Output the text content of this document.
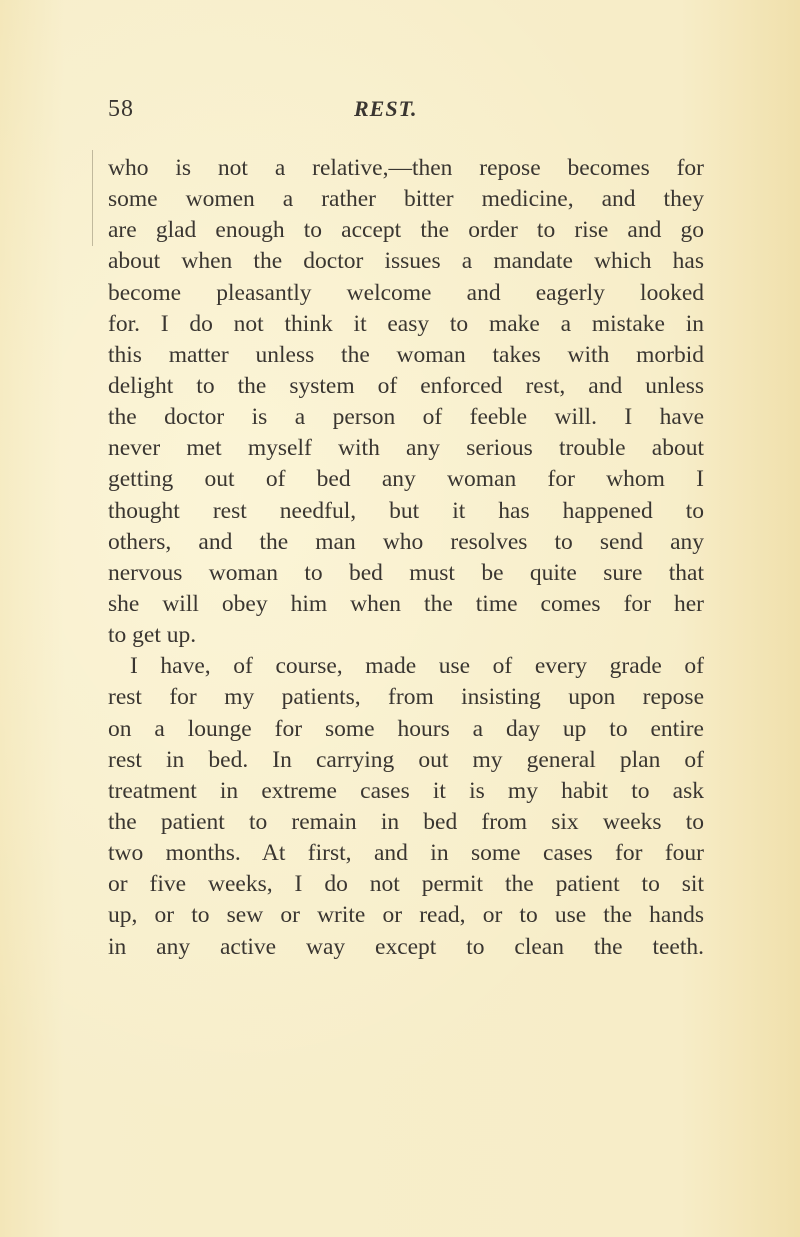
58	REST.
who is not a relative,—then repose becomes for
some women a rather bitter medicine, and they
are glad enough to accept the order to rise and go
about when the doctor issues a mandate which has
become pleasantly welcome and eagerly looked
for. I do not think it easy to make a mistake in
this matter unless the woman takes with morbid
delight to the system of enforced rest, and unless
the doctor is a person of feeble will. I have
never met myself with any serious trouble about
getting out of bed any woman for whom I
thought rest needful, but it has happened to
others, and the man who resolves to send any
nervous woman to bed must be quite sure that
she will obey him when the time comes for her
to get up.
I have, of course, made use of every grade of
rest for my patients, from insisting upon repose
on a lounge for some hours a day up to entire
rest in bed. In carrying out my general plan of
treatment in extreme cases it is my habit to ask
the patient to remain in bed from six weeks to
two months. At first, and in some cases for four
or five weeks, I do not permit the patient to sit
up, or to sew or write or read, or to use the hands
in any active way except to clean the teeth.
